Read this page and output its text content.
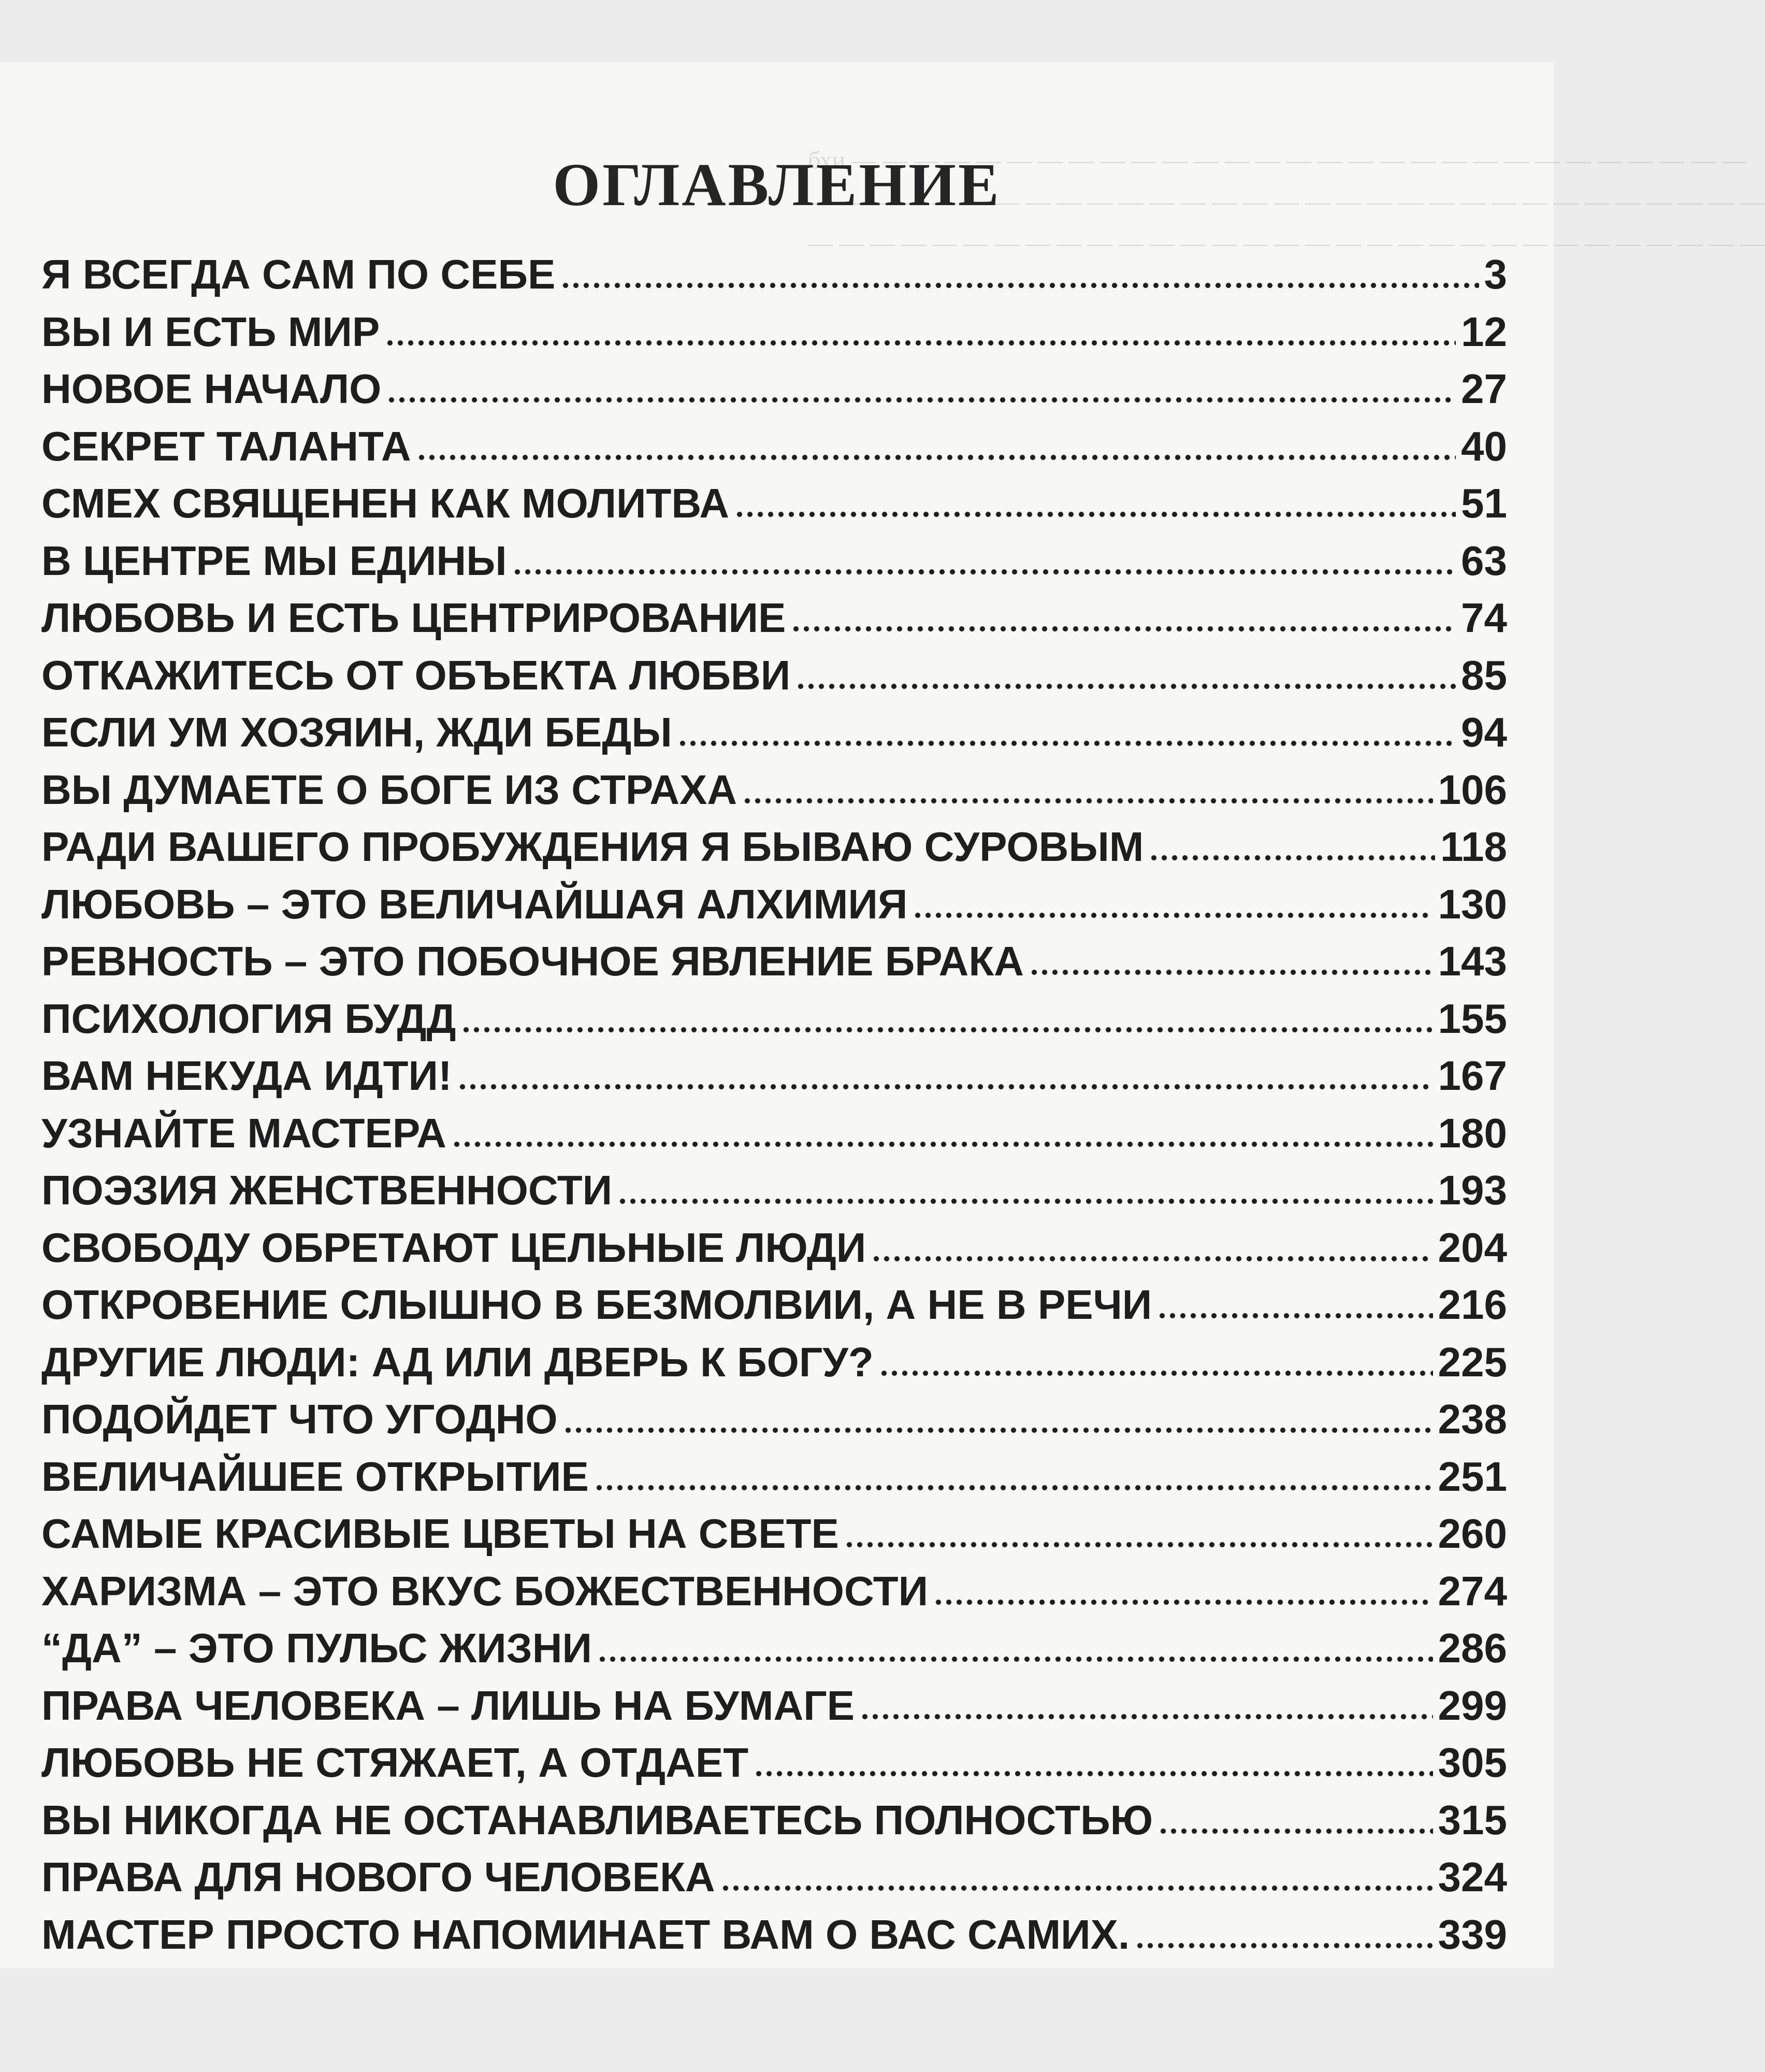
бхи — — — — — — — — — — — — — — — — — — — — — — — — — — — — —
— — — — — — — — — — — — — — — — — — — — — — — — — — — — — — —
— — — — — — — — — — — — — — — — — — — — — — — — — — — — — — —
ОГЛАВЛЕНИЕ
Я ВСЕГДА САМ ПО СЕБЕ	3
ВЫ И ЕСТЬ МИР	12
НОВОЕ НАЧАЛО	27
СЕКРЕТ ТАЛАНТА	40
СМЕХ СВЯЩЕНЕН КАК МОЛИТВА	51
В ЦЕНТРЕ МЫ ЕДИНЫ	63
ЛЮБОВЬ И ЕСТЬ ЦЕНТРИРОВАНИЕ	74
ОТКАЖИТЕСЬ ОТ ОБЪЕКТА ЛЮБВИ	85
ЕСЛИ УМ ХОЗЯИН, ЖДИ БЕДЫ	94
ВЫ ДУМАЕТЕ О БОГЕ ИЗ СТРАХА	106
РАДИ ВАШЕГО ПРОБУЖДЕНИЯ Я БЫВАЮ СУРОВЫМ	118
ЛЮБОВЬ – ЭТО ВЕЛИЧАЙШАЯ АЛХИМИЯ	130
РЕВНОСТЬ – ЭТО ПОБОЧНОЕ ЯВЛЕНИЕ БРАКА	143
ПСИХОЛОГИЯ БУДД	155
ВАМ НЕКУДА ИДТИ!	167
УЗНАЙТЕ МАСТЕРА	180
ПОЭЗИЯ ЖЕНСТВЕННОСТИ	193
СВОБОДУ ОБРЕТАЮТ ЦЕЛЬНЫЕ ЛЮДИ	204
ОТКРОВЕНИЕ СЛЫШНО В БЕЗМОЛВИИ, А НЕ В РЕЧИ	216
ДРУГИЕ ЛЮДИ: АД ИЛИ ДВЕРЬ К БОГУ?	225
ПОДОЙДЕТ ЧТО УГОДНО	238
ВЕЛИЧАЙШЕЕ ОТКРЫТИЕ	251
САМЫЕ КРАСИВЫЕ ЦВЕТЫ НА СВЕТЕ	260
ХАРИЗМА – ЭТО ВКУС БОЖЕСТВЕННОСТИ	274
“ДА” – ЭТО ПУЛЬС ЖИЗНИ	286
ПРАВА ЧЕЛОВЕКА – ЛИШЬ НА БУМАГЕ	299
ЛЮБОВЬ НЕ СТЯЖАЕТ, А ОТДАЕТ	305
ВЫ НИКОГДА НЕ ОСТАНАВЛИВАЕТЕСЬ ПОЛНОСТЬЮ	315
ПРАВА ДЛЯ НОВОГО ЧЕЛОВЕКА	324
МАСТЕР ПРОСТО НАПОМИНАЕТ ВАМ О ВАС САМИХ.	339
